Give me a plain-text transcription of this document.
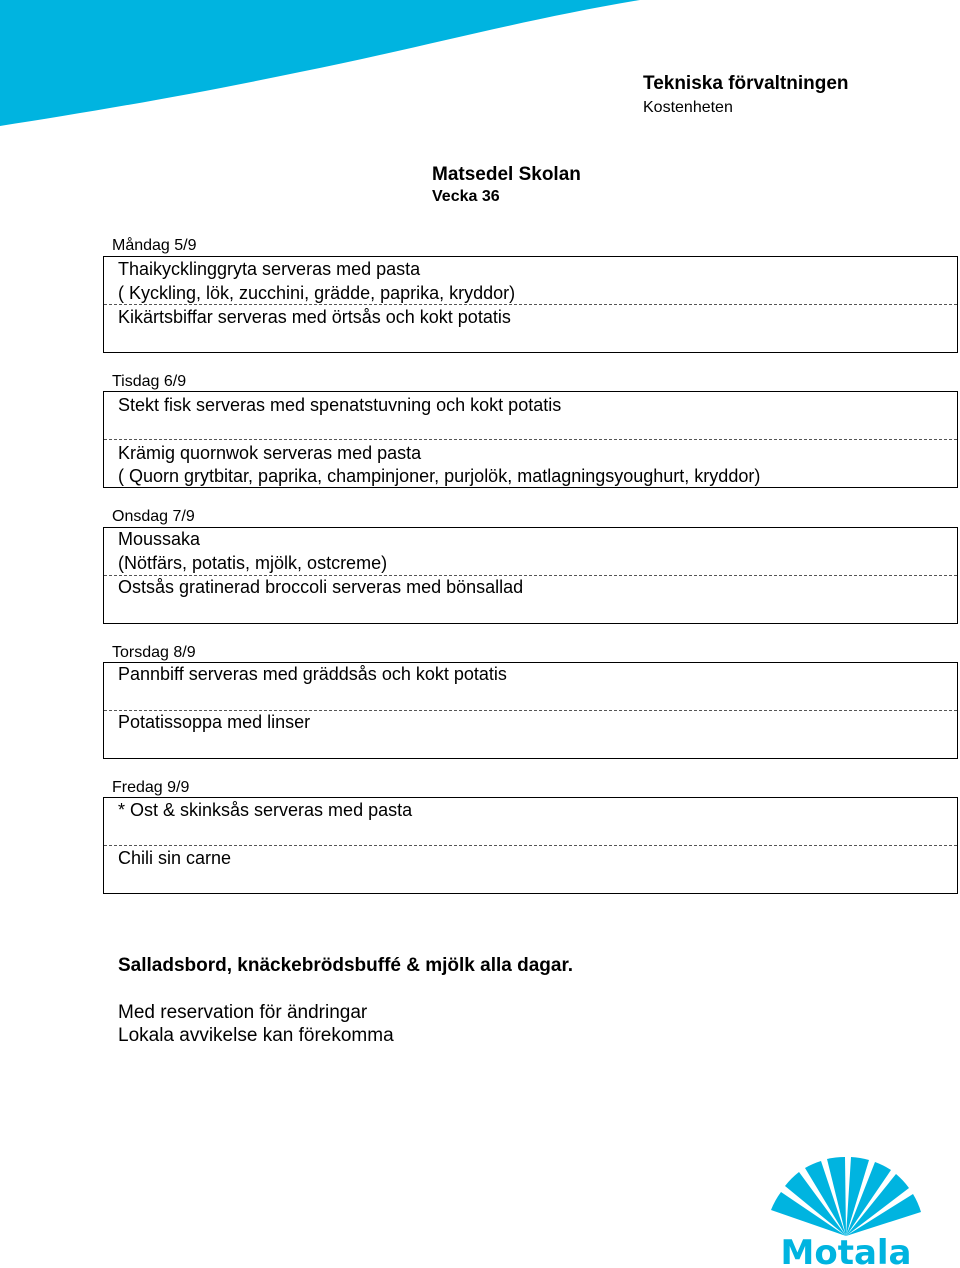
Tekniska förvaltningen
Kostenheten
Matsedel Skolan
Vecka 36
Måndag 5/9
Thaikycklinggryta serveras med pasta
( Kyckling, lök, zucchini, grädde, paprika, kryddor)
Kikärtsbiffar serveras med örtsås och kokt potatis
Tisdag 6/9
Stekt fisk serveras med spenatstuvning och kokt potatis
Krämig quornwok serveras med pasta
( Quorn grytbitar, paprika, champinjoner, purjolök, matlagningsyoughurt, kryddor)
Onsdag 7/9
Moussaka
(Nötfärs, potatis, mjölk, ostcreme)
Ostsås gratinerad broccoli serveras med bönsallad
Torsdag 8/9
Pannbiff serveras med gräddsås och kokt potatis
Potatissoppa med linser
Fredag 9/9
* Ost & skinksås serveras med pasta
Chili sin carne
Salladsbord, knäckebrödsbuffé & mjölk alla dagar.
Med reservation för ändringar
Lokala avvikelse kan förekomma
Motala
